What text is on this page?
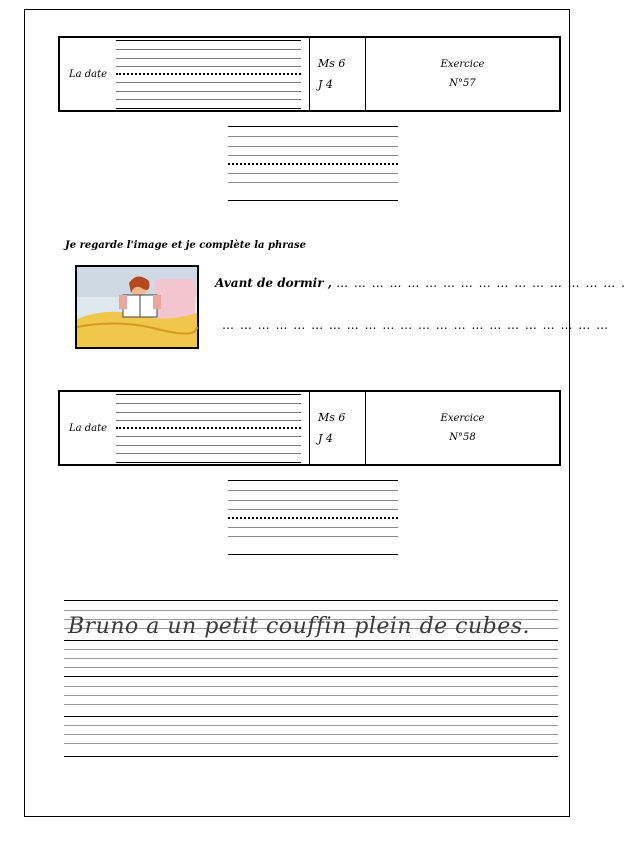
La date
Ms 6
J 4
Exercice
N°57
Je regarde l'image et je complète la phrase
Avant de dormir , … … … … … … … … … … … … … … … … .
… … … … … … … … … … … … … … … … … … … … … …
La date
Ms 6
J 4
Exercice
N°58
Bruno a un petit couffin plein de cubes.
